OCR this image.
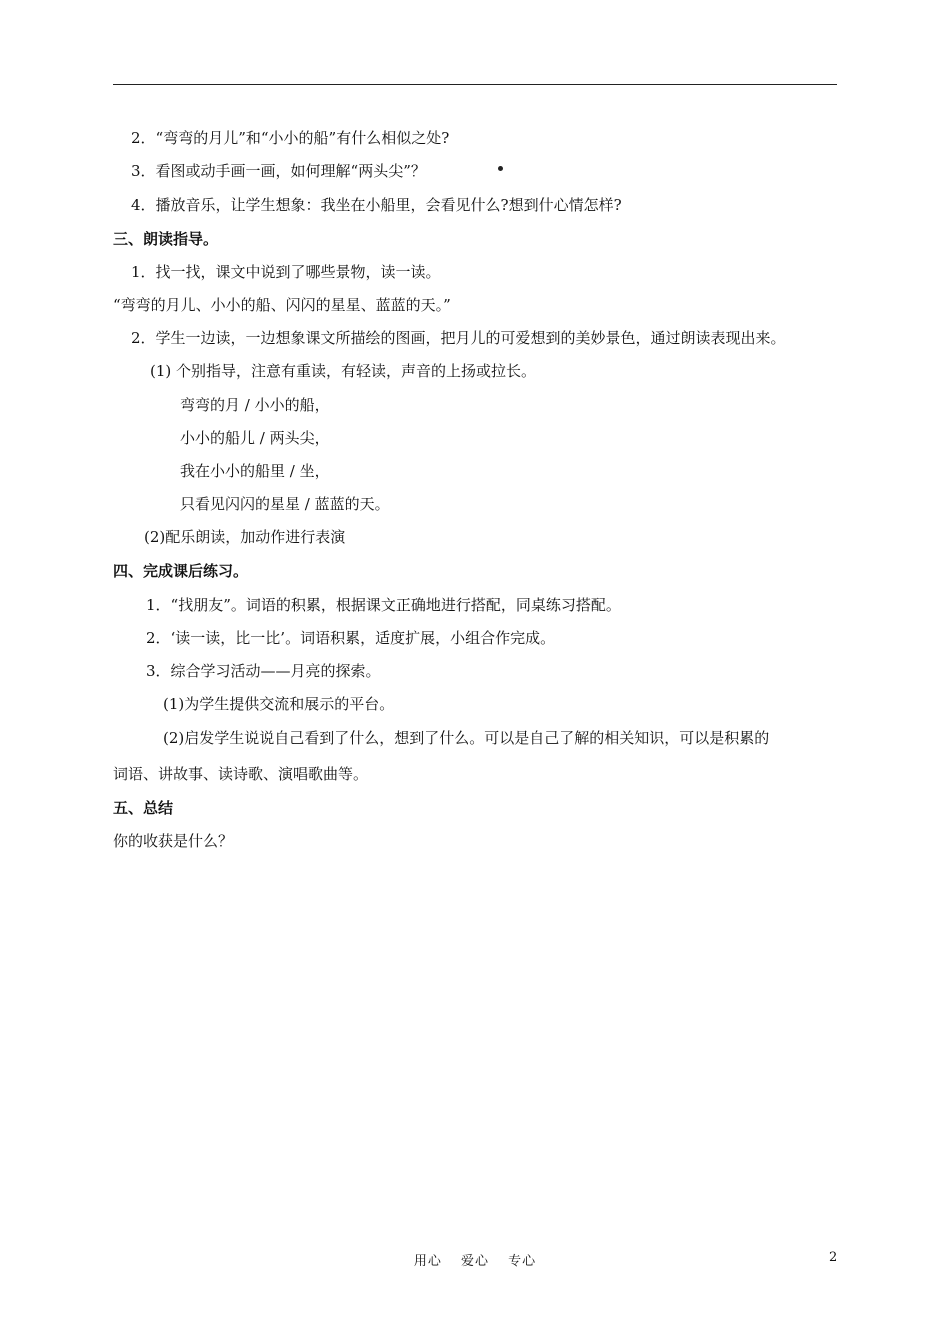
2．“弯弯的月儿”和“小小的船”有什么相似之处?
3．看图或动手画一画，如何理解“两头尖”？
4．播放音乐，让学生想象：我坐在小船里，会看见什么?想到什心情怎样?
三、朗读指导。
1．找一找，课文中说到了哪些景物，读一读。
“弯弯的月儿、小小的船、闪闪的星星、蓝蓝的天。”
2．学生一边读，一边想象课文所描绘的图画，把月儿的可爱想到的美妙景色，通过朗读表现出来。
(1) 个别指导，注意有重读，有轻读，声音的上扬或拉长。
弯弯的月 / 小小的船，
小小的船儿 / 两头尖，
我在小小的船里 / 坐，
只看见闪闪的星星 / 蓝蓝的天。
(2)配乐朗读，加动作进行表演
四、完成课后练习。
1．“找朋友”。词语的积累，根据课文正确地进行搭配，同桌练习搭配。
2．‘读一读，比一比’。词语积累，适度扩展，小组合作完成。
3．综合学习活动——月亮的探索。
(1)为学生提供交流和展示的平台。
(2)启发学生说说自己看到了什么，想到了什么。可以是自己了解的相关知识，可以是积累的
词语、讲故事、读诗歌、演唱歌曲等。
五、总结
你的收获是什么？
用心　 爱心　 专心	2
